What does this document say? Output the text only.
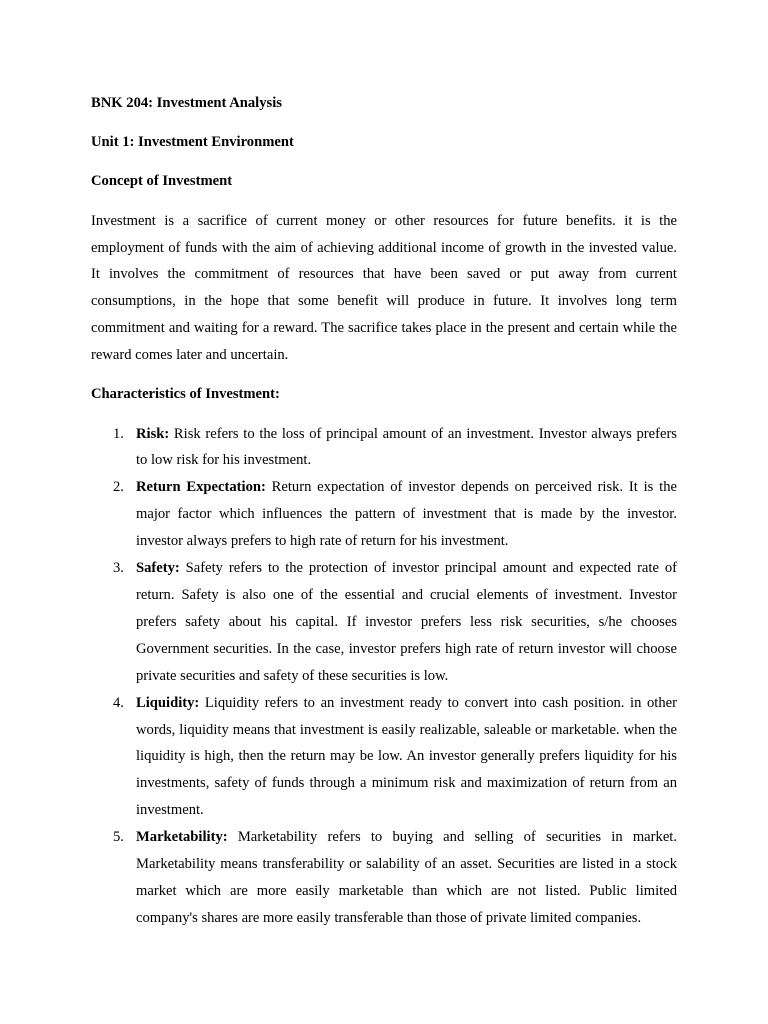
BNK 204: Investment Analysis
Unit 1: Investment Environment
Concept of Investment

Investment is a sacrifice of current money or other resources for future benefits. it is the employment of funds with the aim of achieving additional income of growth in the invested value. It involves the commitment of resources that have been saved or put away from current consumptions, in the hope that some benefit will produce in future. It involves long term commitment and waiting for a reward. The sacrifice takes place in the present and certain while the reward comes later and uncertain.

Characteristics of Investment:
1. Risk: Risk refers to the loss of principal amount of an investment. Investor always prefers to low risk for his investment.
2. Return Expectation: Return expectation of investor depends on perceived risk. It is the major factor which influences the pattern of investment that is made by the investor. investor always prefers to high rate of return for his investment.
3. Safety: Safety refers to the protection of investor principal amount and expected rate of return. Safety is also one of the essential and crucial elements of investment. Investor prefers safety about his capital. If investor prefers less risk securities, s/he chooses Government securities. In the case, investor prefers high rate of return investor will choose private securities and safety of these securities is low.
4. Liquidity: Liquidity refers to an investment ready to convert into cash position. in other words, liquidity means that investment is easily realizable, saleable or marketable. when the liquidity is high, then the return may be low. An investor generally prefers liquidity for his investments, safety of funds through a minimum risk and maximization of return from an investment.
5. Marketability: Marketability refers to buying and selling of securities in market. Marketability means transferability or salability of an asset. Securities are listed in a stock market which are more easily marketable than which are not listed. Public limited company's shares are more easily transferable than those of private limited companies.
